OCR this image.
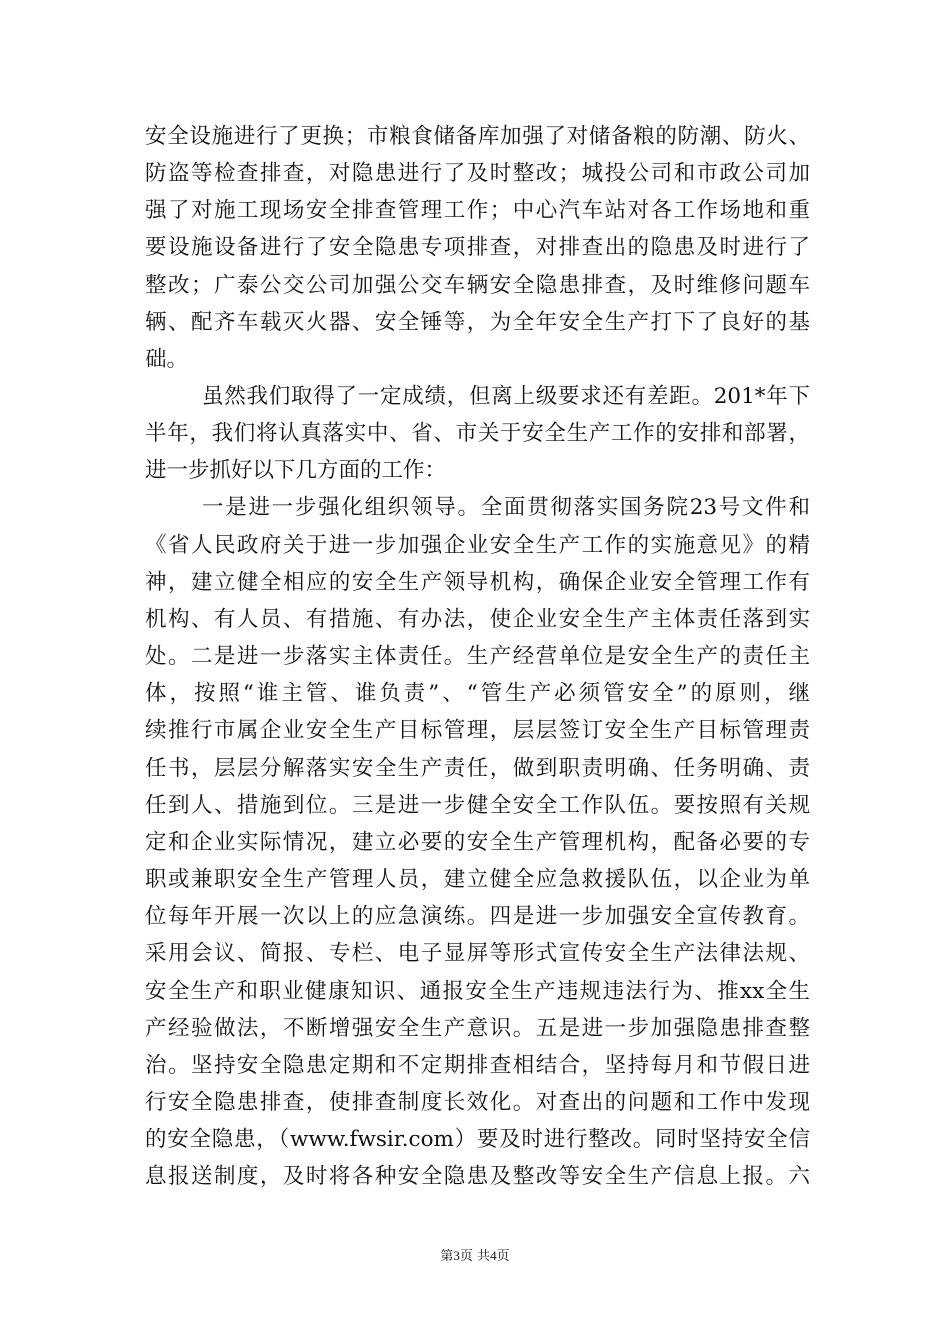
安全设施进行了更换；市粮食储备库加强了对储备粮的防潮、防火、
防盗等检查排查，对隐患进行了及时整改；城投公司和市政公司加
强了对施工现场安全排查管理工作；中心汽车站对各工作场地和重
要设施设备进行了安全隐患专项排查，对排查出的隐患及时进行了
整改；广泰公交公司加强公交车辆安全隐患排查，及时维修问题车
辆、配齐车载灭火器、安全锤等，为全年安全生产打下了良好的基
础。
虽然我们取得了一定成绩，但离上级要求还有差距。201*年下
半年，我们将认真落实中、省、市关于安全生产工作的安排和部署，
进一步抓好以下几方面的工作：
一是进一步强化组织领导。全面贯彻落实国务院23号文件和
《省人民政府关于进一步加强企业安全生产工作的实施意见》的精
神，建立健全相应的安全生产领导机构，确保企业安全管理工作有
机构、有人员、有措施、有办法，使企业安全生产主体责任落到实
处。二是进一步落实主体责任。生产经营单位是安全生产的责任主
体，按照“谁主管、谁负责”、“管生产必须管安全”的原则，继
续推行市属企业安全生产目标管理，层层签订安全生产目标管理责
任书，层层分解落实安全生产责任，做到职责明确、任务明确、责
任到人、措施到位。三是进一步健全安全工作队伍。要按照有关规
定和企业实际情况，建立必要的安全生产管理机构，配备必要的专
职或兼职安全生产管理人员，建立健全应急救援队伍，以企业为单
位每年开展一次以上的应急演练。四是进一步加强安全宣传教育。
采用会议、简报、专栏、电子显屏等形式宣传安全生产法律法规、
安全生产和职业健康知识、通报安全生产违规违法行为、推xx全生
产经验做法，不断增强安全生产意识。五是进一步加强隐患排查整
治。坚持安全隐患定期和不定期排查相结合，坚持每月和节假日进
行安全隐患排查，使排查制度长效化。对查出的问题和工作中发现
的安全隐患，（www.fwsir.com）要及时进行整改。同时坚持安全信
息报送制度，及时将各种安全隐患及整改等安全生产信息上报。六
第3页 共4页
